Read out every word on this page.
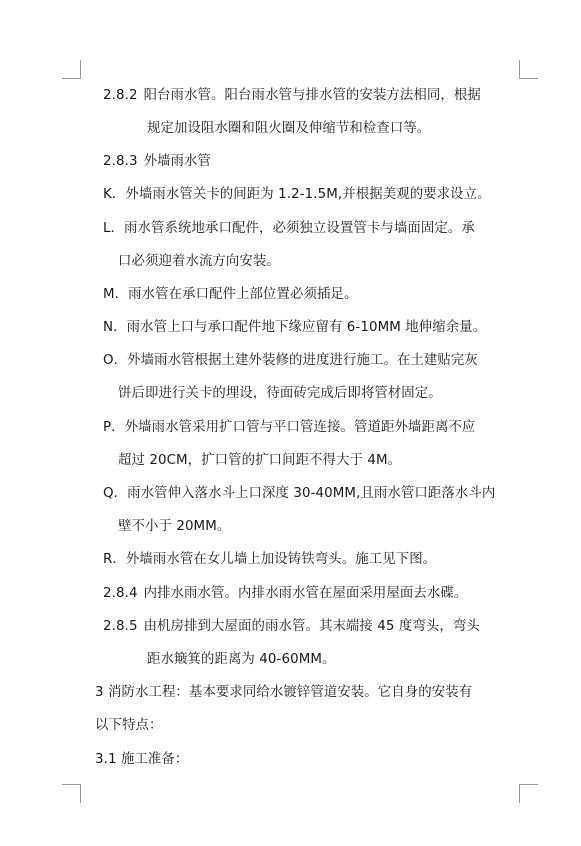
2.8.2 阳台雨水管。阳台雨水管与排水管的安装方法相同，根据
规定加设阻水圈和阻火圈及伸缩节和检查口等。
2.8.3 外墙雨水管
K．外墙雨水管关卡的间距为 1.2-1.5M,并根据美观的要求设立。
L．雨水管系统地承口配件，必须独立设置管卡与墙面固定。承
口必须迎着水流方向安装。
M．雨水管在承口配件上部位置必须插足。
N．雨水管上口与承口配件地下缘应留有 6-10MM 地伸缩余量。
O．外墙雨水管根据土建外装修的进度进行施工。在土建贴完灰
饼后即进行关卡的埋设，待面砖完成后即将管材固定。
P．外墙雨水管采用扩口管与平口管连接。管道距外墙距离不应
超过 20CM，扩口管的扩口间距不得大于 4M。
Q．雨水管伸入落水斗上口深度 30-40MM,且雨水管口距落水斗内
壁不小于 20MM。
R．外墙雨水管在女儿墙上加设铸铁弯头。施工见下图。
2.8.4 内排水雨水管。内排水雨水管在屋面采用屋面去水碟。
2.8.5 由机房排到大屋面的雨水管。其末端接 45 度弯头，弯头
距水簸箕的距离为 40-60MM。
3 消防水工程：基本要求同给水镀锌管道安装。它自身的安装有
以下特点：
3.1 施工准备：
